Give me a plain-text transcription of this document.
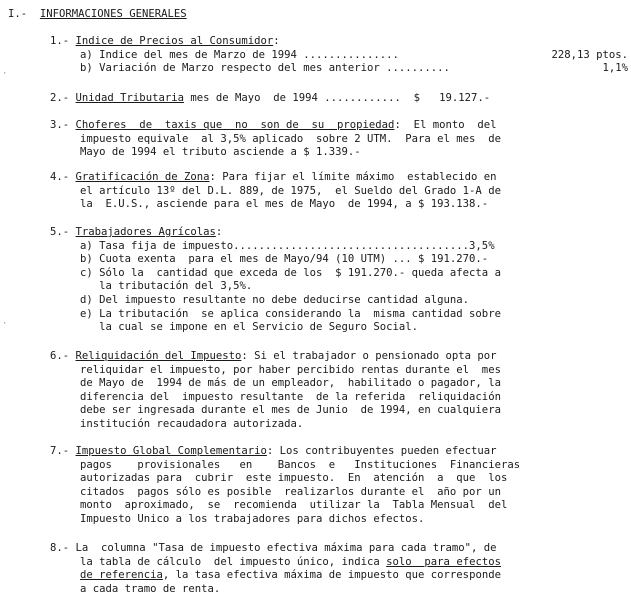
I.- INFORMACIONES GENERALES
1.- Indice de Precios al Consumidor:
a) Indice del mes de Marzo de 1994 ...............	228,13 ptos.
b) Variación de Marzo respecto del mes anterior ..........	1,1%
2.- Unidad Tributaria mes de Mayo  de 1994 ............  $   19.127.-
3.- Choferes  de  taxis que  no  son de  su  propiedad:  El monto  del
impuesto equivale  al 3,5% aplicado  sobre 2 UTM.  Para el mes  de
Mayo de 1994 el tributo asciende a $ 1.339.-
4.- Gratificación de Zona: Para fijar el límite máximo  establecido en
el artículo 13º del D.L. 889, de 1975,  el Sueldo del Grado 1-A de
la  E.U.S., asciende para el mes de Mayo  de 1994, a $ 193.138.-
5.- Trabajadores Agrícolas:
a) Tasa fija de impuesto.....................................3,5%
b) Cuota exenta  para el mes de Mayo/94 (10 UTM) ... $ 191.270.-
c) Sólo la  cantidad que exceda de los  $ 191.270.- queda afecta a
la tributación del 3,5%.
d) Del impuesto resultante no debe deducirse cantidad alguna.
e) La tributación  se aplica considerando la  misma cantidad sobre
la cual se impone en el Servicio de Seguro Social.
6.- Reliquidación del Impuesto: Si el trabajador o pensionado opta por
reliquidar el impuesto, por haber percibido rentas durante el  mes
de Mayo de  1994 de más de un empleador,  habilitado o pagador, la
diferencia del  impuesto resultante  de la referida  reliquidación
debe ser ingresada durante el mes de Junio  de 1994, en cualquiera
institución recaudadora autorizada.
7.- Impuesto Global Complementario: Los contribuyentes pueden efectuar
pagos    provisionales   en    Bancos  e   Instituciones  Financieras
autorizadas para  cubrir  este impuesto.  En  atención  a  que  los
citados  pagos sólo es posible  realizarlos durante el  año por un
monto  aproximado,  se  recomienda  utilizar la  Tabla Mensual  del
Impuesto Unico a los trabajadores para dichos efectos.
8.- La  columna "Tasa de impuesto efectiva máxima para cada tramo", de
la tabla de cálculo  del impuesto único, indica solo  para efectos
de referencia, la tasa efectiva máxima de impuesto que corresponde
a cada tramo de renta.
·
·
